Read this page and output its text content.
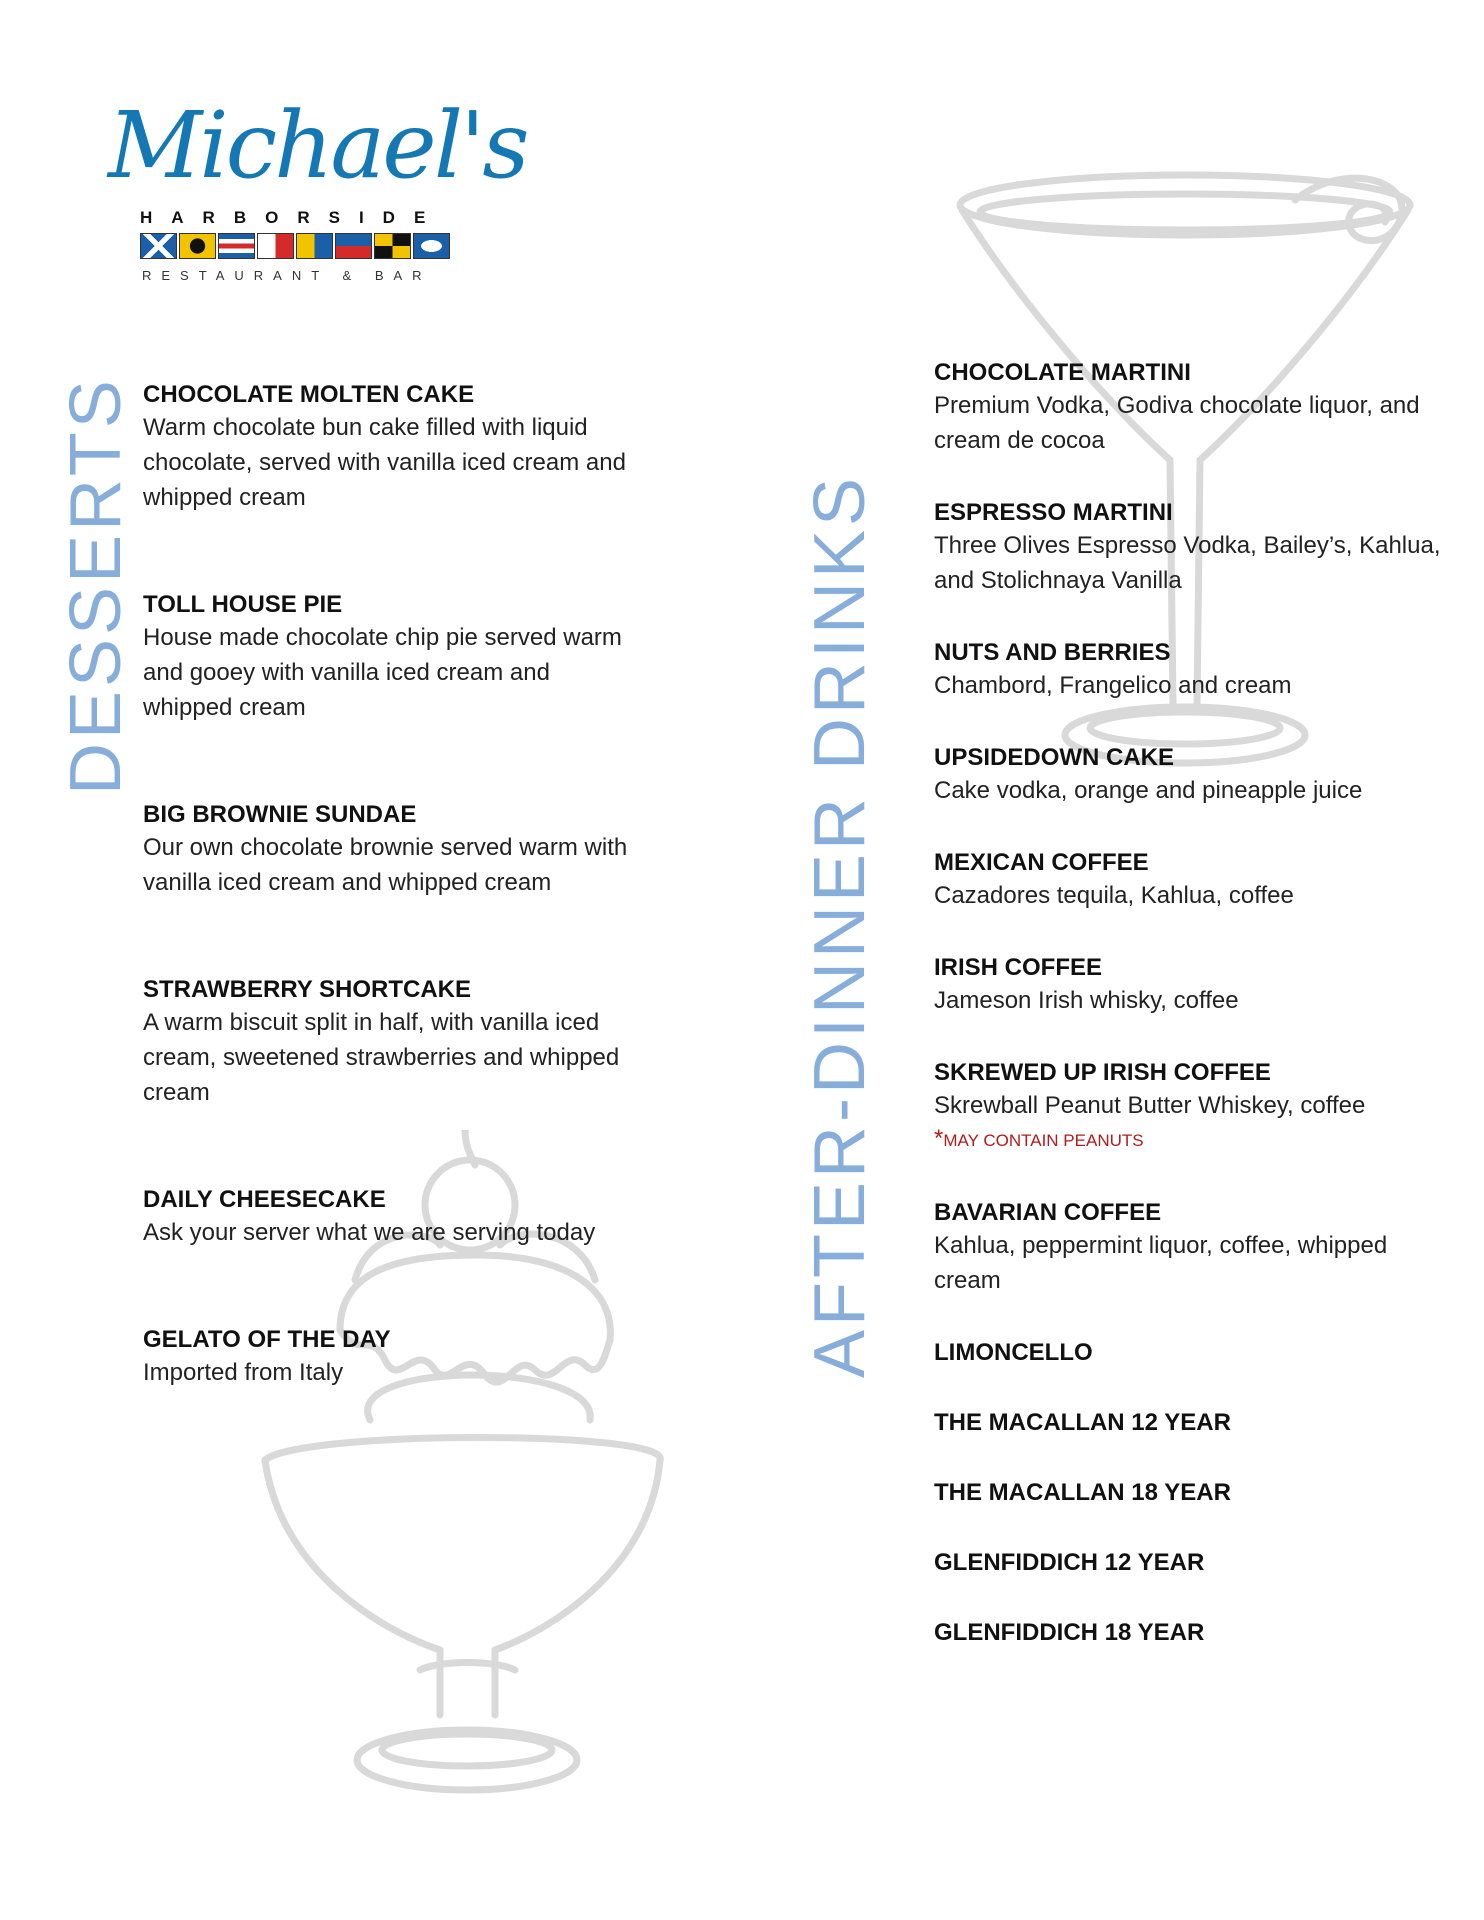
Michael's
HARBORSIDE
RESTAURANT & BAR
DESSERTS	AFTER-DINNER DRINKS
CHOCOLATE MOLTEN CAKE
Warm chocolate bun cake filled with liquid chocolate, served with vanilla iced cream and whipped cream
TOLL HOUSE PIE
House made chocolate chip pie served warm and gooey with vanilla iced cream and whipped cream
BIG BROWNIE SUNDAE
Our own chocolate brownie served warm with vanilla iced cream and whipped cream
STRAWBERRY SHORTCAKE
A warm biscuit split in half, with vanilla iced cream, sweetened strawberries and whipped cream
DAILY CHEESECAKE
Ask your server what we are serving today
GELATO OF THE DAY
Imported from Italy
CHOCOLATE MARTINI
Premium Vodka, Godiva chocolate liquor, and cream de cocoa
ESPRESSO MARTINI
Three Olives Espresso Vodka, Bailey’s, Kahlua, and Stolichnaya Vanilla
NUTS AND BERRIES
Chambord, Frangelico and cream
UPSIDEDOWN CAKE
Cake vodka, orange and pineapple juice
MEXICAN COFFEE
Cazadores tequila, Kahlua, coffee
IRISH COFFEE
Jameson Irish whisky, coffee
SKREWED UP IRISH COFFEE
Skrewball Peanut Butter Whiskey, coffee
*MAY CONTAIN PEANUTS
BAVARIAN COFFEE
Kahlua, peppermint liquor, coffee, whipped cream
LIMONCELLO
THE MACALLAN 12 YEAR
THE MACALLAN 18 YEAR
GLENFIDDICH 12 YEAR
GLENFIDDICH 18 YEAR
